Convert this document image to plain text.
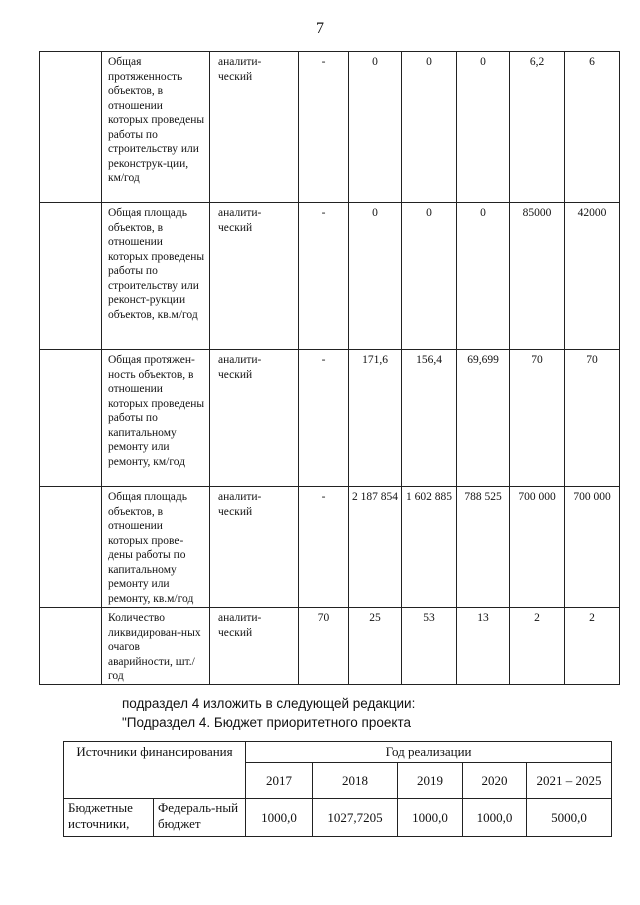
7
	Общая протяженность объектов, в отношении которых проведены работы по строительству или реконструк-ции, км/год	аналити-ческий	-	0	0	0	6,2	6
	Общая площадь объектов, в отношении которых проведены работы по строительству или реконст-рукции объектов, кв.м/год	аналити-ческий	-	0	0	0	85000	42000
	Общая протяжен-ность объектов, в отношении которых проведены работы по капитальному ремонту или ремонту, км/год	аналити-ческий	-	171,6	156,4	69,699	70	70
	Общая площадь объектов, в отношении которых прове-дены работы по капитальному ремонту или ремонту, кв.м/год	аналити-ческий	-	2 187 854	1 602 885	788 525	700 000	700 000
	Количество ликвидирован-ных очагов аварийности, шт./год	аналити-ческий	70	25	53	13	2	2
подраздел 4 изложить в следующей редакции:
"Подраздел 4. Бюджет приоритетного проекта
Источники финансирования		Год реализации				
		2017	2018	2019	2020	2021 – 2025
Бюджетные источники,	Федераль-ный бюджет	1000,0	1027,7205	1000,0	1000,0	5000,0
